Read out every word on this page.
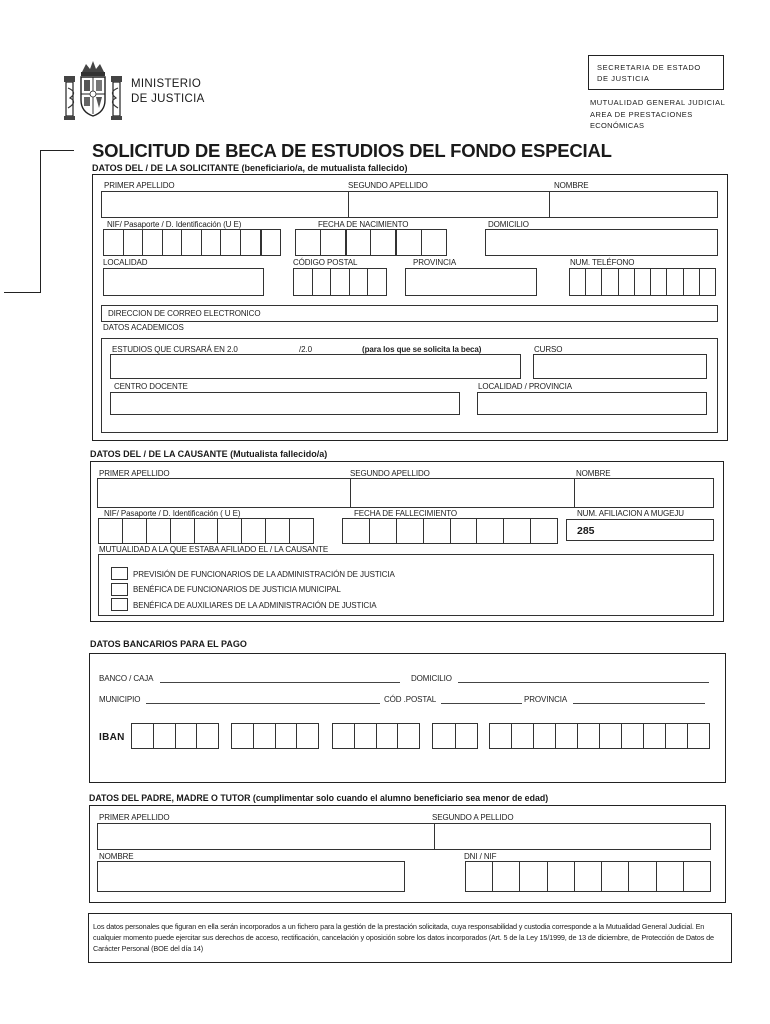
MINISTERIO
DE JUSTICIA
SECRETARIA DE ESTADO
DE JUSTICIA
MUTUALIDAD GENERAL JUDICIAL
AREA DE PRESTACIONES
ECONÓMICAS
SOLICITUD DE BECA DE ESTUDIOS DEL FONDO ESPECIAL
DATOS DEL / DE LA SOLICITANTE (beneficiario/a, de mutualista fallecido)
PRIMER APELLIDO	SEGUNDO APELLIDO	NOMBRE
NIF/ Pasaporte / D. Identificación (U E)	FECHA DE NACIMIENTO	DOMICILIO
LOCALIDAD	CÓDIGO POSTAL	PROVINCIA	NUM. TELÉFONO
DIRECCION DE CORREO ELECTRONICO
DATOS ACADEMICOS
ESTUDIOS QUE CURSARÁ EN 2.0	/2.0	(para los que se solicita la beca)	CURSO
CENTRO DOCENTE	LOCALIDAD / PROVINCIA
DATOS DEL / DE LA CAUSANTE (Mutualista fallecido/a)
PRIMER APELLIDO	SEGUNDO APELLIDO	NOMBRE
NIF/ Pasaporte / D. Identificación ( U E)	FECHA DE FALLECIMIENTO	NUM. AFILIACION A MUGEJU
285
MUTUALIDAD A LA QUE ESTABA AFILIADO EL / LA CAUSANTE
PREVISIÓN DE FUNCIONARIOS DE LA ADMINISTRACIÓN DE JUSTICIA
BENÉFICA DE FUNCIONARIOS DE JUSTICIA MUNICIPAL
BENÉFICA DE AUXILIARES DE LA ADMINISTRACIÓN DE JUSTICIA
DATOS BANCARIOS PARA EL PAGO
BANCO / CAJA	DOMICILIO
MUNICIPIO	CÓD .POSTAL	PROVINCIA
IBAN
DATOS DEL PADRE, MADRE O TUTOR (cumplimentar solo cuando el alumno beneficiario sea menor de edad)
PRIMER APELLIDO	SEGUNDO A PELLIDO
NOMBRE	DNI / NIF
Los datos personales que figuran en ella serán incorporados a un fichero para la gestión de la prestación solicitada, cuya responsabilidad y custodia corresponde a la Mutualidad General Judicial. En cualquier momento puede ejercitar sus derechos de acceso, rectificación, cancelación y oposición sobre los datos incorporados (Art. 5 de la Ley 15/1999, de 13 de diciembre, de Protección de Datos de Carácter Personal (BOE del día 14)
